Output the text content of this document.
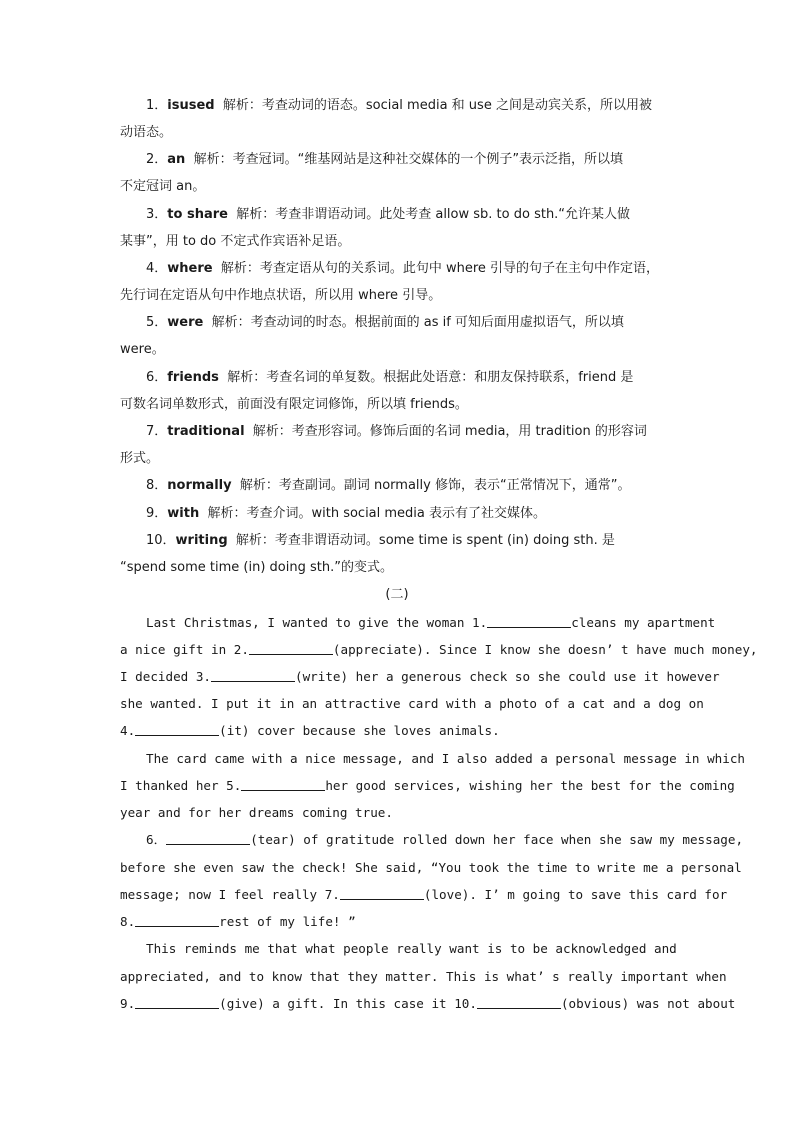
1．isused 解析：考查动词的语态。social media 和 use 之间是动宾关系，所以用被
动语态。
2．an 解析：考查冠词。“维基网站是这种社交媒体的一个例子”表示泛指，所以填
不定冠词 an。
3．to share 解析：考查非谓语动词。此处考查 allow sb. to do sth.“允许某人做
某事”，用 to do 不定式作宾语补足语。
4．where 解析：考查定语从句的关系词。此句中 where 引导的句子在主句中作定语，
先行词在定语从句中作地点状语，所以用 where 引导。
5．were 解析：考查动词的时态。根据前面的 as if 可知后面用虚拟语气，所以填
were。
6．friends 解析：考查名词的单复数。根据此处语意：和朋友保持联系，friend 是
可数名词单数形式，前面没有限定词修饰，所以填 friends。
7．traditional 解析：考查形容词。修饰后面的名词 media，用 tradition 的形容词
形式。
8．normally 解析：考查副词。副词 normally 修饰，表示“正常情况下，通常”。
9．with 解析：考查介词。with social media 表示有了社交媒体。
10．writing 解析：考查非谓语动词。some time is spent (in) doing sth. 是
“spend some time (in) doing sth.”的变式。
(二)
Last Christmas, I wanted to give the woman 1.	cleans my apartment
a nice gift in 2.	(appreciate). Since I know she doesn’ t have much money,
I decided 3.	(write) her a generous check so she could use it however
she wanted. I put it in an attractive card with a photo of a cat and a dog on
4.	(it) cover because she loves animals.
The card came with a nice message, and I also added a personal message in which
I thanked her 5.	her good services, wishing her the best for the coming
year and for her dreams coming true.
6．	(tear) of gratitude rolled down her face when she saw my message,
before she even saw the check! She said, “You took the time to write me a personal
message; now I feel really 7.	(love). I’ m going to save this card for
8.	rest of my life! ”
This reminds me that what people really want is to be acknowledged and
appreciated, and to know that they matter. This is what’ s really important when
9.	(give) a gift. In this case it 10.	(obvious) was not about
